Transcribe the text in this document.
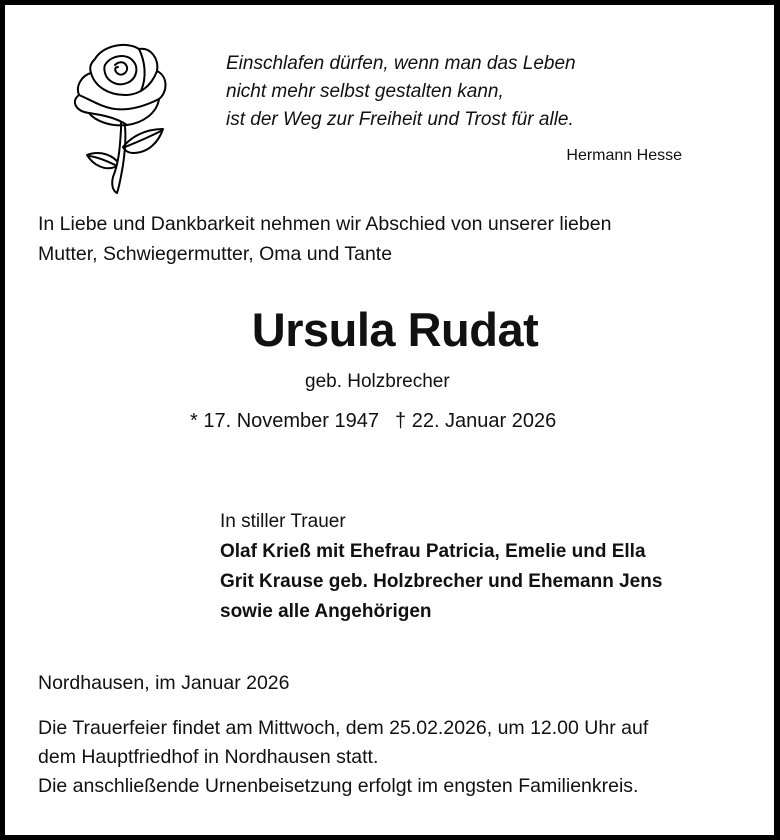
Einschlafen dürfen, wenn man das Leben
nicht mehr selbst gestalten kann,
ist der Weg zur Freiheit und Trost für alle.
Hermann Hesse
In Liebe und Dankbarkeit nehmen wir Abschied von unserer lieben
Mutter, Schwiegermutter, Oma und Tante
Ursula Rudat
geb. Holzbrecher
* 17. November 1947 † 22. Januar 2026
In stiller Trauer
Olaf Krieß mit Ehefrau Patricia, Emelie und Ella
Grit Krause geb. Holzbrecher und Ehemann Jens
sowie alle Angehörigen
Nordhausen, im Januar 2026
Die Trauerfeier findet am Mittwoch, dem 25.02.2026, um 12.00 Uhr auf
dem Hauptfriedhof in Nordhausen statt.
Die anschließende Urnenbeisetzung erfolgt im engsten Familienkreis.
